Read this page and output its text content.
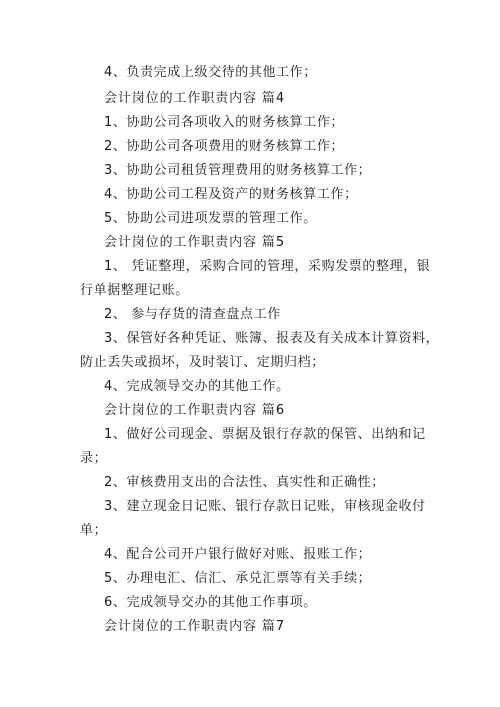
4、负责完成上级交待的其他工作；
会计岗位的工作职责内容 篇4
1、协助公司各项收入的财务核算工作；
2、协助公司各项费用的财务核算工作；
3、协助公司租赁管理费用的财务核算工作；
4、协助公司工程及资产的财务核算工作；
5、协助公司进项发票的管理工作。
会计岗位的工作职责内容 篇5
1、 凭证整理，采购合同的管理，采购发票的整理，银
行单据整理记账。
2、 参与存货的清查盘点工作
3、保管好各种凭证、账簿、报表及有关成本计算资料，
防止丢失或损坏，及时装订、定期归档；
4、完成领导交办的其他工作。
会计岗位的工作职责内容 篇6
1、做好公司现金、票据及银行存款的保管、出纳和记
录；
2、审核费用支出的合法性、真实性和正确性；
3、建立现金日记账、银行存款日记账，审核现金收付
单；
4、配合公司开户银行做好对账、报账工作；
5、办理电汇、信汇、承兑汇票等有关手续；
6、完成领导交办的其他工作事项。
会计岗位的工作职责内容 篇7
